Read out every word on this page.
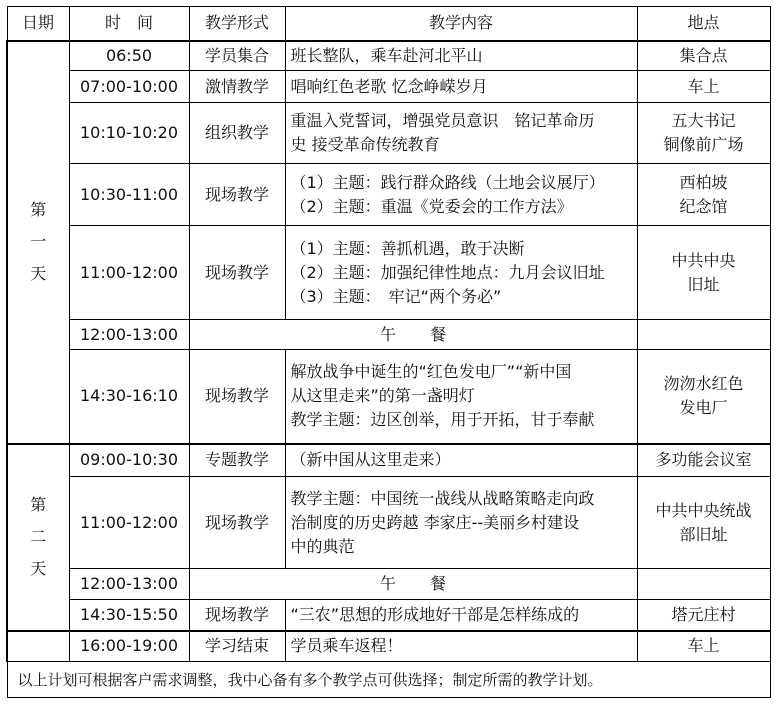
日期	时　间	教学形式	教学内容	地点
第
一
天	06:50	学员集合	班长整队，乘车赴河北平山	集合点

	07:00-10:00	激情教学	唱响红色老歌 忆念峥嵘岁月	车上

	10:10-10:20	组织教学	重温入党誓词，增强党员意识　铭记革命历
史 接受革命传统教育	五大书记
铜像前广场

	10:30-11:00	现场教学	（1）主题：践行群众路线（土地会议展厅）
（2）主题：重温《党委会的工作方法》	西柏坡
纪念馆

	11:00-12:00	现场教学	（1）主题：善抓机遇，敢于决断
（2）主题：加强纪律性地点：九月会议旧址
（3）主题：　牢记“两个务必”	中共中央
旧址

	12:00-13:00	午 餐		
	14:30-16:10	现场教学	解放战争中诞生的“红色发电厂”“新中国
从这里走来”的第一盏明灯
教学主题：边区创举，用于开拓，甘于奉献	沕沕水红色
发电厂

第
二
天	09:00-10:30	专题教学	（新中国从这里走来）	多功能会议室

	11:00-12:00	现场教学	教学主题：中国统一战线从战略策略走向政
治制度的历史跨越 李家庄--美丽乡村建设
中的典范	中共中央统战
部旧址

	12:00-13:00	午 餐		
	14:30-15:50	现场教学	“三农”思想的形成地好干部是怎样练成的	塔元庄村

	16:00-19:00	学习结束	学员乘车返程！	车上

以上计划可根据客户需求调整，我中心备有多个教学点可供选择；制定所需的教学计划。				
